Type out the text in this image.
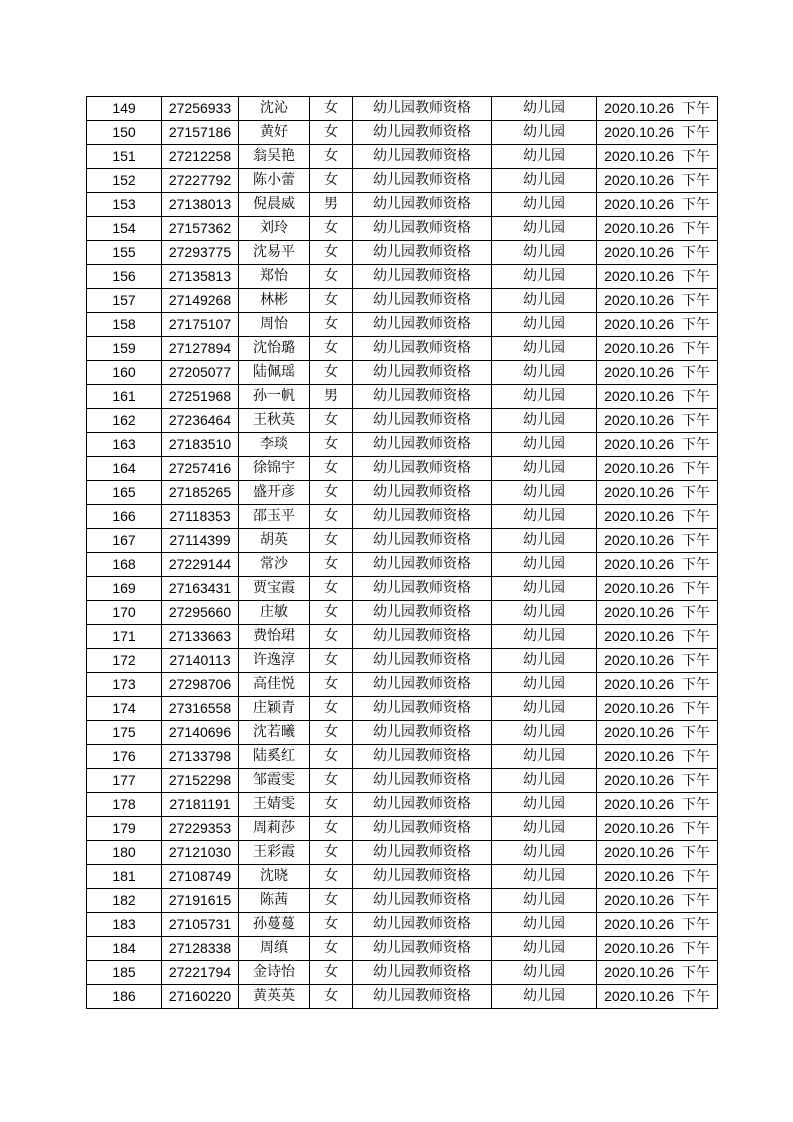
149	27256933	沈沁	女	幼儿园教师资格	幼儿园	2020.10.26 下午
150	27157186	黄好	女	幼儿园教师资格	幼儿园	2020.10.26 下午
151	27212258	翁吴艳	女	幼儿园教师资格	幼儿园	2020.10.26 下午
152	27227792	陈小蕾	女	幼儿园教师资格	幼儿园	2020.10.26 下午
153	27138013	倪晨威	男	幼儿园教师资格	幼儿园	2020.10.26 下午
154	27157362	刘玲	女	幼儿园教师资格	幼儿园	2020.10.26 下午
155	27293775	沈易平	女	幼儿园教师资格	幼儿园	2020.10.26 下午
156	27135813	郑怡	女	幼儿园教师资格	幼儿园	2020.10.26 下午
157	27149268	林彬	女	幼儿园教师资格	幼儿园	2020.10.26 下午
158	27175107	周怡	女	幼儿园教师资格	幼儿园	2020.10.26 下午
159	27127894	沈怡璐	女	幼儿园教师资格	幼儿园	2020.10.26 下午
160	27205077	陆佩瑶	女	幼儿园教师资格	幼儿园	2020.10.26 下午
161	27251968	孙一帆	男	幼儿园教师资格	幼儿园	2020.10.26 下午
162	27236464	王秋英	女	幼儿园教师资格	幼儿园	2020.10.26 下午
163	27183510	李琰	女	幼儿园教师资格	幼儿园	2020.10.26 下午
164	27257416	徐锦宇	女	幼儿园教师资格	幼儿园	2020.10.26 下午
165	27185265	盛开彦	女	幼儿园教师资格	幼儿园	2020.10.26 下午
166	27118353	邵玉平	女	幼儿园教师资格	幼儿园	2020.10.26 下午
167	27114399	胡英	女	幼儿园教师资格	幼儿园	2020.10.26 下午
168	27229144	常沙	女	幼儿园教师资格	幼儿园	2020.10.26 下午
169	27163431	贾宝霞	女	幼儿园教师资格	幼儿园	2020.10.26 下午
170	27295660	庄敏	女	幼儿园教师资格	幼儿园	2020.10.26 下午
171	27133663	费怡珺	女	幼儿园教师资格	幼儿园	2020.10.26 下午
172	27140113	许逸淳	女	幼儿园教师资格	幼儿园	2020.10.26 下午
173	27298706	高佳悦	女	幼儿园教师资格	幼儿园	2020.10.26 下午
174	27316558	庄颖青	女	幼儿园教师资格	幼儿园	2020.10.26 下午
175	27140696	沈若曦	女	幼儿园教师资格	幼儿园	2020.10.26 下午
176	27133798	陆奚红	女	幼儿园教师资格	幼儿园	2020.10.26 下午
177	27152298	邹霞雯	女	幼儿园教师资格	幼儿园	2020.10.26 下午
178	27181191	王婧雯	女	幼儿园教师资格	幼儿园	2020.10.26 下午
179	27229353	周莉莎	女	幼儿园教师资格	幼儿园	2020.10.26 下午
180	27121030	王彩霞	女	幼儿园教师资格	幼儿园	2020.10.26 下午
181	27108749	沈晓	女	幼儿园教师资格	幼儿园	2020.10.26 下午
182	27191615	陈茜	女	幼儿园教师资格	幼儿园	2020.10.26 下午
183	27105731	孙蔓蔓	女	幼儿园教师资格	幼儿园	2020.10.26 下午
184	27128338	周缜	女	幼儿园教师资格	幼儿园	2020.10.26 下午
185	27221794	金诗怡	女	幼儿园教师资格	幼儿园	2020.10.26 下午
186	27160220	黄英英	女	幼儿园教师资格	幼儿园	2020.10.26 下午
